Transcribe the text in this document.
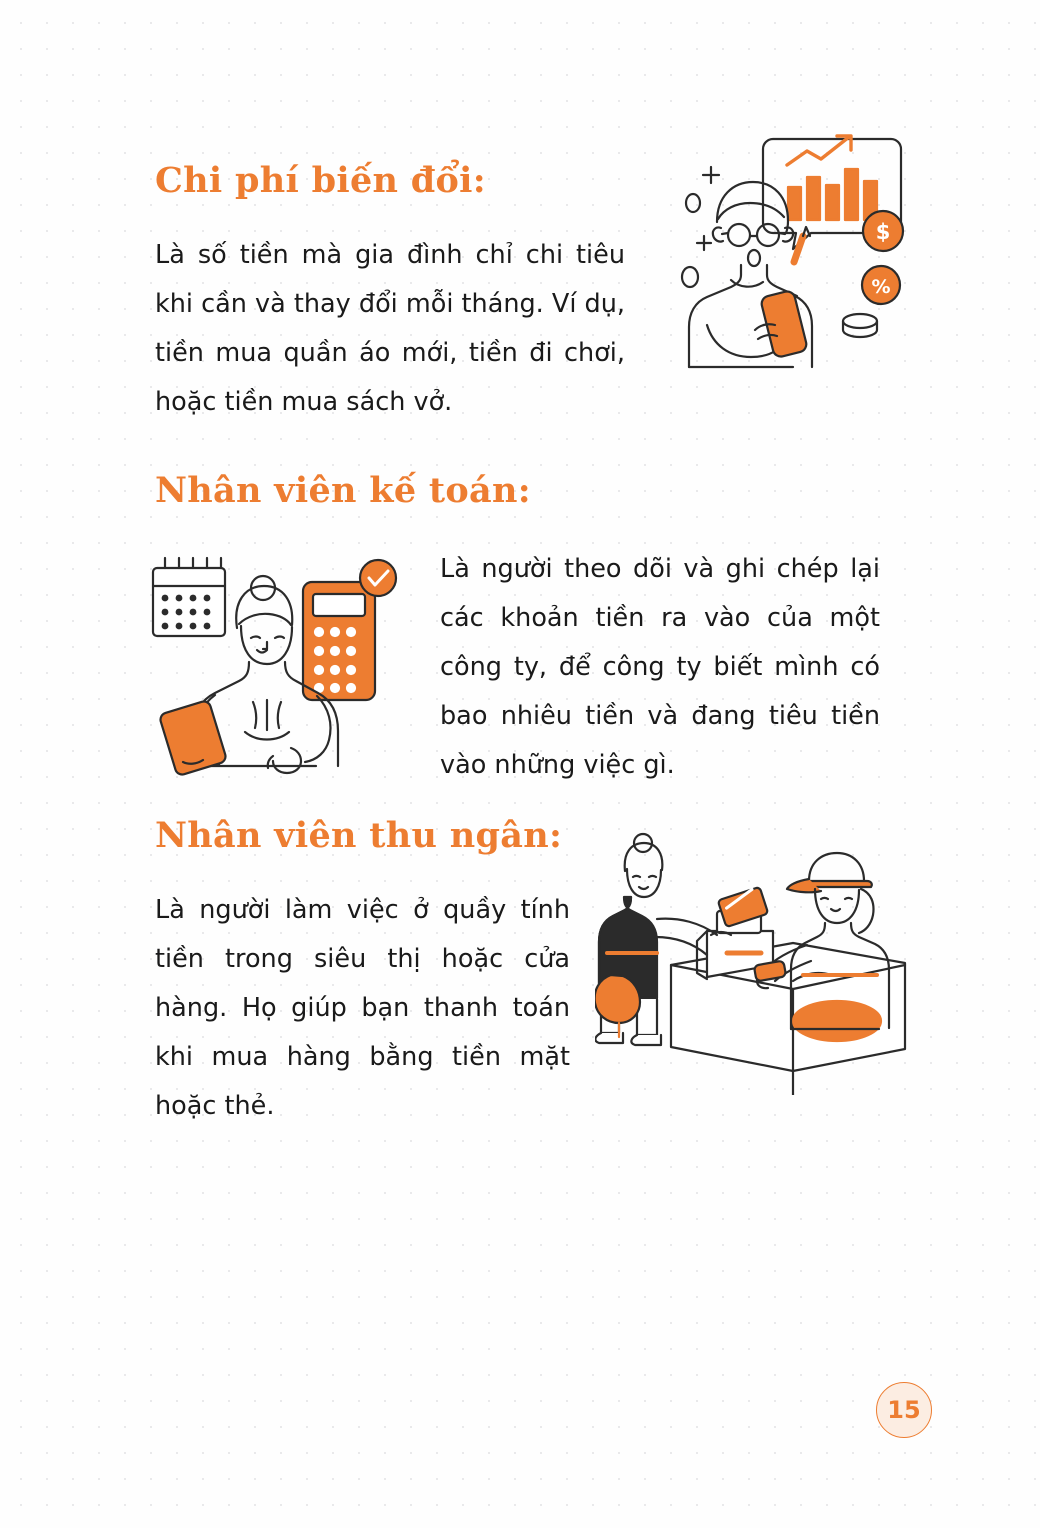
Chi phí biến đổi:

Là số tiền mà gia đình chỉ chi tiêu khi cần và thay đổi mỗi tháng. Ví dụ, tiền mua quần áo mới, tiền đi chơi, hoặc tiền mua sách vở.

$
%
Nhân viên kế toán:

Là người theo dõi và ghi chép lại các khoản tiền ra vào của một công ty, để công ty biết mình có bao nhiêu tiền và đang tiêu tiền vào những việc gì.

Nhân viên thu ngân:

Là người làm việc ở quầy tính tiền trong siêu thị hoặc cửa hàng. Họ giúp bạn thanh toán khi mua hàng bằng tiền mặt hoặc thẻ.

15
